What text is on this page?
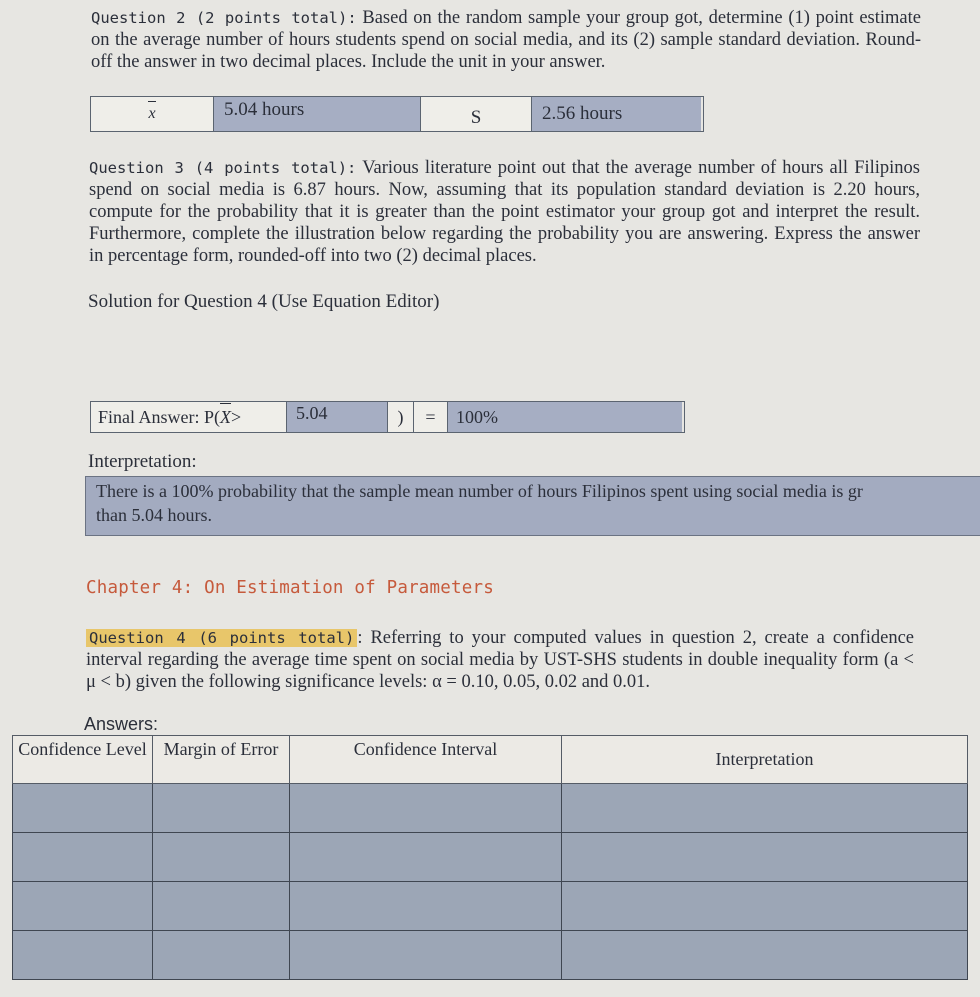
Question 2 (2 points total): Based on the random sample your group got, determine (1) point estimate on the average number of hours students spend on social media, and its (2) sample standard deviation. Round-off the answer in two decimal places. Include the unit in your answer.

x	5.04 hours	S	2.56 hours

Question 3 (4 points total): Various literature point out that the average number of hours all Filipinos spend on social media is 6.87 hours. Now, assuming that its population standard deviation is 2.20 hours, compute for the probability that it is greater than the point estimator your group got and interpret the result. Furthermore, complete the illustration below regarding the probability you are answering. Express the answer in percentage form, rounded-off into two (2) decimal places.

Solution for Question 4 (Use Equation Editor)
Final Answer: P( X >	5.04	)	=	100%
Interpretation:
There is a 100% probability that the sample mean number of hours Filipinos spent using social media is gr
than 5.04 hours.
Chapter 4: On Estimation of Parameters

Question 4 (6 points total) : Referring to your computed values in question 2, create a confidence interval regarding the average time spent on social media by UST-SHS students in double inequality form (a < μ < b) given the following significance levels: α = 0.10, 0.05, 0.02 and 0.01.

Answers:
Confidence Level	Margin of Error	Confidence Interval	Interpretation
